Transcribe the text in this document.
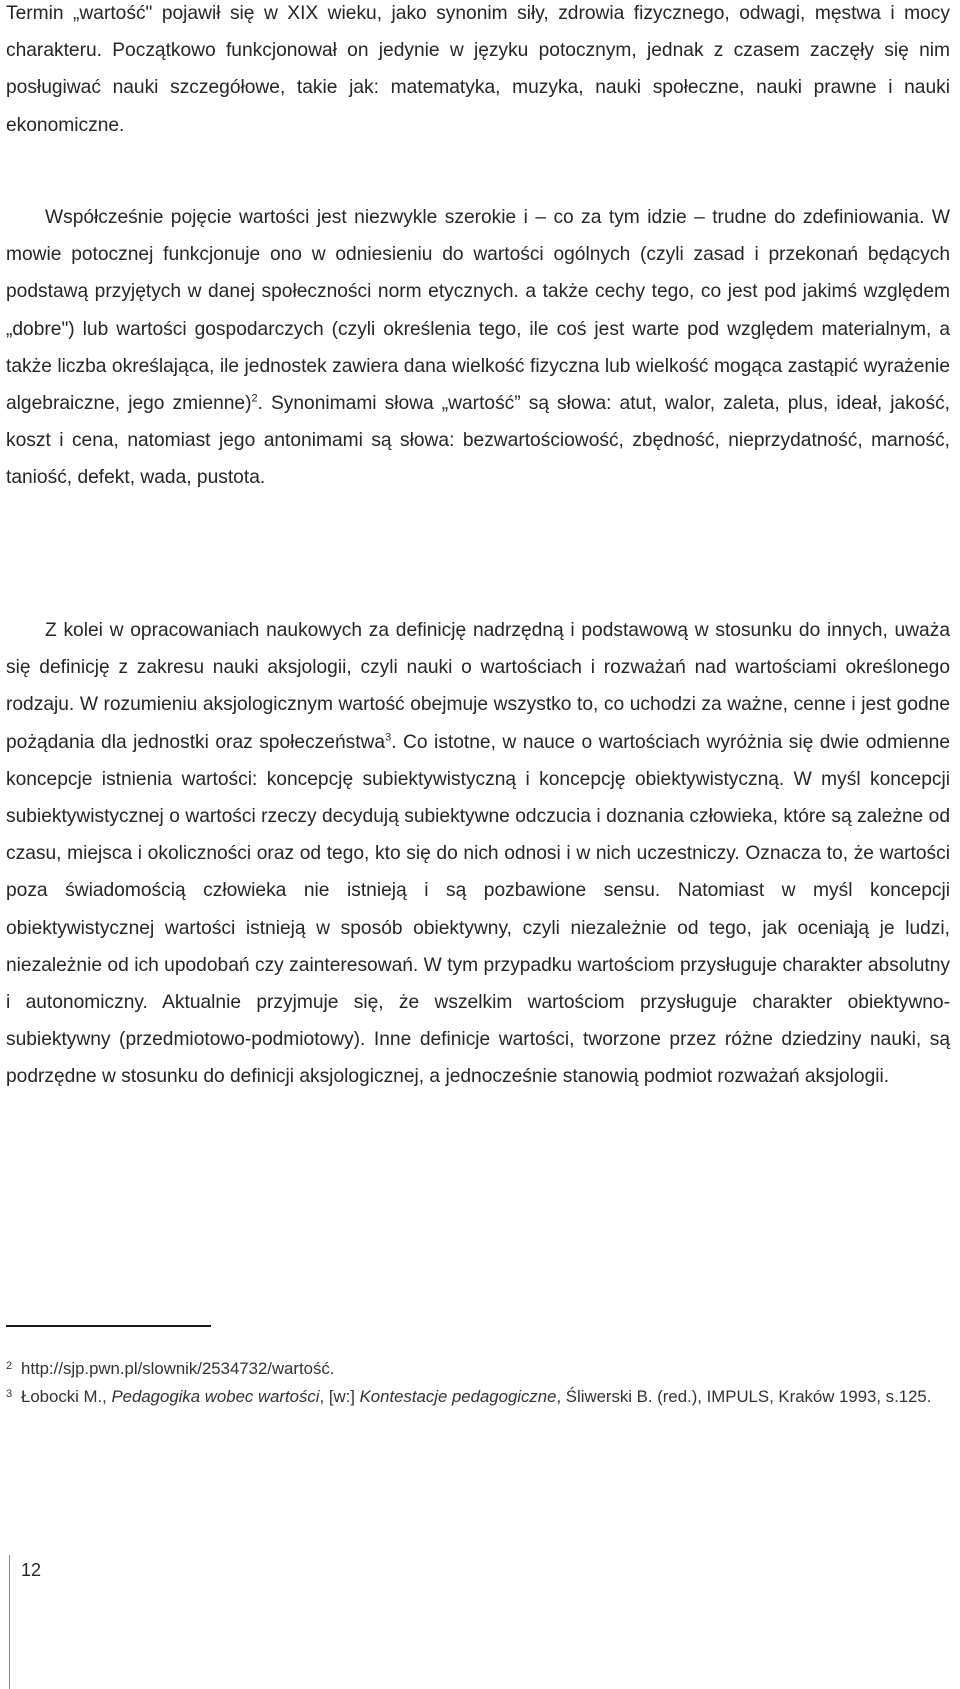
Termin „wartość" pojawił się w XIX wieku, jako synonim siły, zdrowia fizycznego, odwagi, męstwa i mocy charakteru. Początkowo funkcjonował on jedynie w języku potocznym, jednak z czasem zaczęły się nim posługiwać nauki szczegółowe, takie jak: matematyka, muzyka, nauki społeczne, nauki prawne i nauki ekonomiczne.

Współcześnie pojęcie wartości jest niezwykle szerokie i – co za tym idzie – trudne do zdefiniowania. W mowie potocznej funkcjonuje ono w odniesieniu do wartości ogólnych (czyli zasad i przekonań będących podstawą przyjętych w danej społeczności norm etycznych. a także cechy tego, co jest pod jakimś względem „dobre") lub wartości gospodarczych (czyli określenia tego, ile coś jest warte pod względem materialnym, a także liczba określająca, ile jednostek zawiera dana wielkość fizyczna lub wielkość mogąca zastąpić wyrażenie algebraiczne, jego zmienne)$^2$. Synonimami słowa „wartość” są słowa: atut, walor, zaleta, plus, ideał, jakość, koszt i cena, natomiast jego antonimami są słowa: bezwartościowość, zbędność, nieprzydatność, marność, taniość, defekt, wada, pustota.

Z kolei w opracowaniach naukowych za definicję nadrzędną i podstawową w stosunku do innych, uważa się definicję z zakresu nauki aksjologii, czyli nauki o wartościach i rozważań nad wartościami określonego rodzaju. W rozumieniu aksjologicznym wartość obejmuje wszystko to, co uchodzi za ważne, cenne i jest godne pożądania dla jednostki oraz społeczeństwa$^3$. Co istotne, w nauce o wartościach wyróżnia się dwie odmienne koncepcje istnienia wartości: koncepcję subiektywistyczną i koncepcję obiektywistyczną. W myśl koncepcji subiektywistycznej o wartości rzeczy decydują subiektywne odczucia i doznania człowieka, które są zależne od czasu, miejsca i okoliczności oraz od tego, kto się do nich odnosi i w nich uczestniczy. Oznacza to, że wartości poza świadomością człowieka nie istnieją i są pozbawione sensu. Natomiast w myśl koncepcji obiektywistycznej wartości istnieją w sposób obiektywny, czyli niezależnie od tego, jak oceniają je ludzi, niezależnie od ich upodobań czy zainteresowań. W tym przypadku wartościom przysługuje charakter absolutny i autonomiczny. Aktualnie przyjmuje się, że wszelkim wartościom przysługuje charakter obiektywno-subiektywny (przedmiotowo-podmiotowy). Inne definicje wartości, tworzone przez różne dziedziny nauki, są podrzędne w stosunku do definicji aksjologicznej, a jednocześnie stanowią podmiot rozważań aksjologii.

2 http://sjp.pwn.pl/slownik/2534732/wartość.
3 Łobocki M., Pedagogika wobec wartości, [w:] Kontestacje pedagogiczne, Śliwerski B. (red.), IMPULS, Kraków 1993, s.125.
12
